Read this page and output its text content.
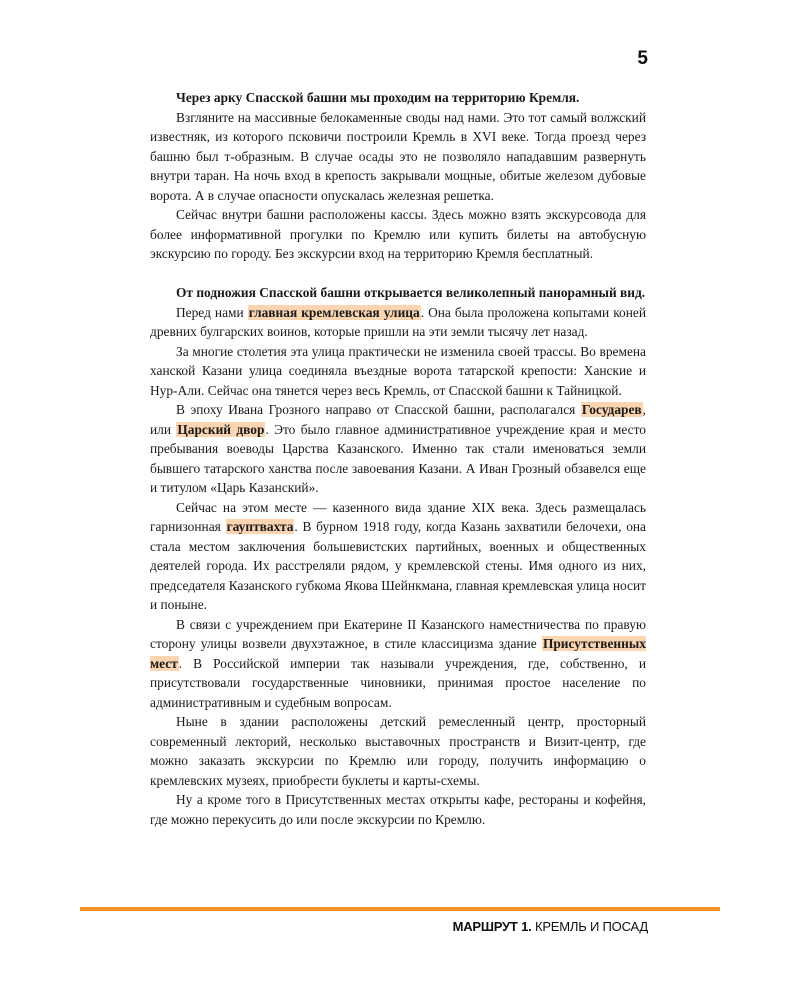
5

Через арку Спасской башни мы проходим на территорию Кремля.

Взгляните на массивные белокаменные своды над нами. Это тот самый волжский известняк, из которого псковичи построили Кремль в XVI веке. Тогда проезд через башню был т-образным. В случае осады это не позволяло нападавшим развернуть внутри таран. На ночь вход в крепость закрывали мощные, обитые железом дубовые ворота. А в случае опасности опускалась железная решетка.

Сейчас внутри башни расположены кассы. Здесь можно взять экскурсовода для более информативной прогулки по Кремлю или купить билеты на автобусную экскурсию по городу. Без экскурсии вход на территорию Кремля бесплатный.

От подножия Спасской башни открывается великолепный панорамный вид.

Перед нами главная кремлевская улица. Она была проложена копытами коней древних булгарских воинов, которые пришли на эти земли тысячу лет назад.

За многие столетия эта улица практически не изменила своей трассы. Во времена ханской Казани улица соединяла въездные ворота татарской крепости: Ханские и Нур-Али. Сейчас она тянется через весь Кремль, от Спасской башни к Тайницкой.

В эпоху Ивана Грозного направо от Спасской башни, располагался Государев, или Царский двор. Это было главное административное учреждение края и место пребывания воеводы Царства Казанского. Именно так стали именоваться земли бывшего татарского ханства после завоевания Казани. А Иван Грозный обзавелся еще и титулом «Царь Казанский».

Сейчас на этом месте — казенного вида здание XIX века. Здесь размещалась гарнизонная гауптвахта. В бурном 1918 году, когда Казань захватили белочехи, она стала местом заключения большевистских партийных, военных и общественных деятелей города. Их расстреляли рядом, у кремлевской стены. Имя одного из них, председателя Казанского губкома Якова Шейнкмана, главная кремлевская улица носит и поныне.

В связи с учреждением при Екатерине II Казанского наместничества по правую сторону улицы возвели двухэтажное, в стиле классицизма здание Присутственных мест. В Российской империи так называли учреждения, где, собственно, и присутствовали государственные чиновники, принимая простое население по административным и судебным вопросам.

Ныне в здании расположены детский ремесленный центр, просторный современный лекторий, несколько выставочных пространств и Визит-центр, где можно заказать экскурсии по Кремлю или городу, получить информацию о кремлевских музеях, приобрести буклеты и карты-схемы.

Ну а кроме того в Присутственных местах открыты кафе, рестораны и кофейня, где можно перекусить до или после экскурсии по Кремлю.

МАРШРУТ 1. КРЕМЛЬ И ПОСАД
